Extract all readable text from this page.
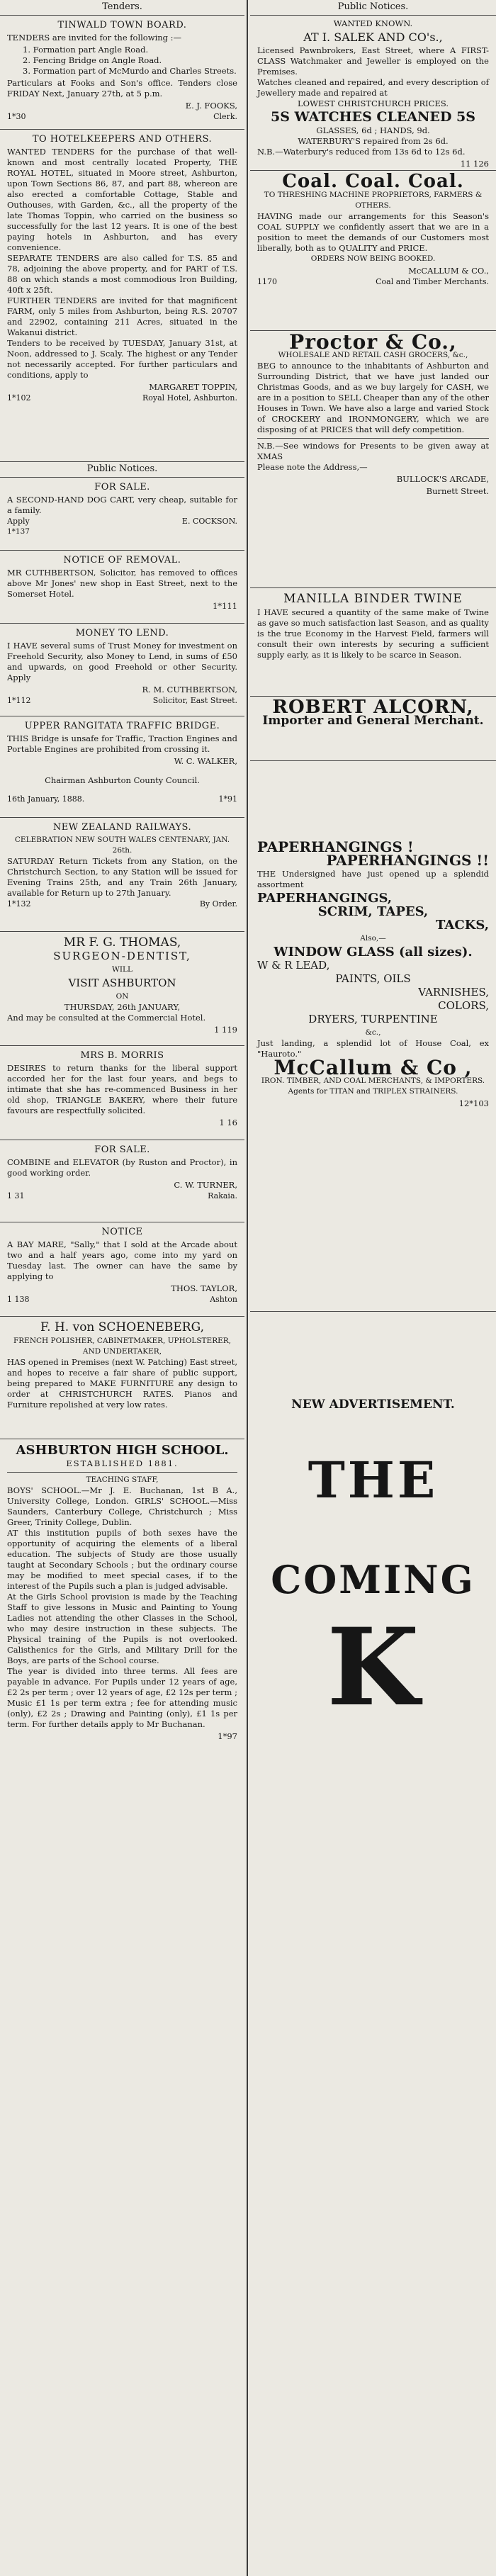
Tenders.
TINWALD TOWN BOARD.

TENDERS are invited for the following :—

1. Formation part Angle Road.
2. Fencing Bridge on Angle Road.
3. Formation part of McMurdo and Charles Streets.

Particulars at Fooks and Son's office. Tenders close FRIDAY Next, January 27th, at 5 p.m.

E. J. FOOKS,

1*30	Clerk.
TO HOTELKEEPERS AND OTHERS.

WANTED TENDERS for the purchase of that well-known and most centrally located Property, THE ROYAL HOTEL, situated in Moore street, Ashburton, upon Town Sections 86, 87, and part 88, whereon are also erected a comfortable Cottage, Stable and Outhouses, with Garden, &c., all the property of the late Thomas Toppin, who carried on the business so successfully for the last 12 years. It is one of the best paying hotels in Ashburton, and has every convenience.

SEPARATE TENDERS are also called for T.S. 85 and 78, adjoining the above property, and for PART of T.S. 88 on which stands a most commodious Iron Building, 40ft x 25ft.

FURTHER TENDERS are invited for that magnificent FARM, only 5 miles from Ashburton, being R.S. 20707 and 22902, containing 211 Acres, situated in the Wakanui district.

Tenders to be received by TUESDAY, January 31st, at Noon, addressed to J. Scaly. The highest or any Tender not necessarily accepted. For further particulars and conditions, apply to

MARGARET TOPPIN,

1*102	Royal Hotel, Ashburton.
Public Notices.
FOR SALE.

A SECOND-HAND DOG CART, very cheap, suitable for a family.

Apply	E. COCKSON.

1*137

NOTICE OF REMOVAL.

MR CUTHBERTSON, Solicitor, has removed to offices above Mr Jones' new shop in East Street, next to the Somerset Hotel.

1*111

MONEY TO LEND.

I HAVE several sums of Trust Money for investment on Freehold Security, also Money to Lend, in sums of £50 and upwards, on good Freehold or other Security. Apply

R. M. CUTHBERTSON,

1*112	Solicitor, East Street.
UPPER RANGITATA TRAFFIC BRIDGE.

THIS Bridge is unsafe for Traffic, Traction Engines and Portable Engines are prohibited from crossing it.

W. C. WALKER,

Chairman Ashburton County Council.

16th January, 1888.	1*91
NEW ZEALAND RAILWAYS.
CELEBRATION NEW SOUTH WALES CENTENARY, JAN. 26th.

SATURDAY Return Tickets from any Station, on the Christchurch Section, to any Station will be issued for Evening Trains 25th, and any Train 26th January, available for Return up to 27th January.

1*132	By Order.
MR F. G. THOMAS,
SURGEON-DENTIST,
WILL
VISIT ASHBURTON
ON
THURSDAY, 26th JANUARY,

And may be consulted at the Commercial Hotel.

1 119

MRS B. MORRIS

DESIRES to return thanks for the liberal support accorded her for the last four years, and begs to intimate that she has re-commenced Business in her old shop, TRIANGLE BAKERY, where their future favours are respectfully solicited.

1 16

FOR SALE.

COMBINE and ELEVATOR (by Ruston and Proctor), in good working order.

C. W. TURNER,

1 31	Rakaia.
NOTICE

A BAY MARE, "Sally," that I sold at the Arcade about two and a half years ago, come into my yard on Tuesday last. The owner can have the same by applying to

THOS. TAYLOR,

1 138	Ashton
F. H. von SCHOENEBERG,
FRENCH POLISHER, CABINETMAKER, UPHOLSTERER, AND UNDERTAKER,

HAS opened in Premises (next W. Patching) East street, and hopes to receive a fair share of public support, being prepared to MAKE FURNITURE any design to order at CHRISTCHURCH RATES. Pianos and Furniture repolished at very low rates.

ASHBURTON HIGH SCHOOL.
ESTABLISHED 1881.
TEACHING STAFF,

BOYS' SCHOOL.—Mr J. E. Buchanan, 1st B A., University College, London. GIRLS' SCHOOL.—Miss Saunders, Canterbury College, Christchurch ; Miss Greer, Trinity College, Dublin.

AT this institution pupils of both sexes have the opportunity of acquiring the elements of a liberal education. The subjects of Study are those usually taught at Secondary Schools ; but the ordinary course may be modified to meet special cases, if to the interest of the Pupils such a plan is judged advisable.

At the Girls School provision is made by the Teaching Staff to give lessons in Music and Painting to Young Ladies not attending the other Classes in the School, who may desire instruction in these subjects. The Physical training of the Pupils is not overlooked. Calisthenics for the Girls, and Military Drill for the Boys, are parts of the School course.

The year is divided into three terms. All fees are payable in advance. For Pupils under 12 years of age, £2 2s per term ; over 12 years of age, £2 12s per term ; Music £1 1s per term extra ; fee for attending music (only), £2 2s ; Drawing and Painting (only), £1 1s per term. For further details apply to Mr Buchanan.

1*97

Public Notices.
WANTED KNOWN.
AT I. SALEK AND CO's.,

Licensed Pawnbrokers, East Street, where A FIRST-CLASS Watchmaker and Jeweller is employed on the Premises.

Watches cleaned and repaired, and every description of Jewellery made and repaired at

LOWEST CHRISTCHURCH PRICES.
5S WATCHES CLEANED 5S
GLASSES, 6d ; HANDS, 9d.
WATERBURY'S repaired from 2s 6d.

N.B.—Waterbury's reduced from 13s 6d to 12s 6d.

11 126

Coal. Coal. Coal.
TO THRESHING MACHINE PROPRIETORS, FARMERS & OTHERS.

HAVING made our arrangements for this Season's COAL SUPPLY we confidently assert that we are in a position to meet the demands of our Customers most liberally, both as to QUALITY and PRICE.

ORDERS NOW BEING BOOKED.

McCALLUM & CO.,

1170	Coal and Timber Merchants.
Proctor & Co.,
WHOLESALE AND RETAIL CASH GROCERS, &c.,

BEG to announce to the inhabitants of Ashburton and Surrounding District, that we have just landed our Christmas Goods, and as we buy largely for CASH, we are in a position to SELL Cheaper than any of the other Houses in Town. We have also a large and varied Stock of CROCKERY and IRONMONGERY, which we are disposing of at PRICES that will defy competition.

N.B.—See windows for Presents to be given away at XMAS

Please note the Address,—

BULLOCK'S ARCADE,

Burnett Street.

MANILLA BINDER TWINE

I HAVE secured a quantity of the same make of Twine as gave so much satisfaction last Season, and as quality is the true Economy in the Harvest Field, farmers will consult their own interests by securing a sufficient supply early, as it is likely to be scarce in Season.

ROBERT ALCORN,
Importer and General Merchant.
PAPERHANGINGS !
PAPERHANGINGS !!

THE Undersigned have just opened up a splendid assortment

PAPERHANGINGS,
SCRIM, TAPES,
TACKS,
Also,—
WINDOW GLASS (all sizes).
W & R LEAD,
PAINTS, OILS
VARNISHES,
COLORS,
DRYERS, TURPENTINE
&c.,

Just landing, a splendid lot of House Coal, ex "Hauroto."

McCallum & Co ,
IRON. TIMBER, AND COAL MERCHANTS, & IMPORTERS.
Agents for TITAN and TRIPLEX STRAINERS.

12*103

NEW ADVERTISEMENT.
THE
COMING
K
